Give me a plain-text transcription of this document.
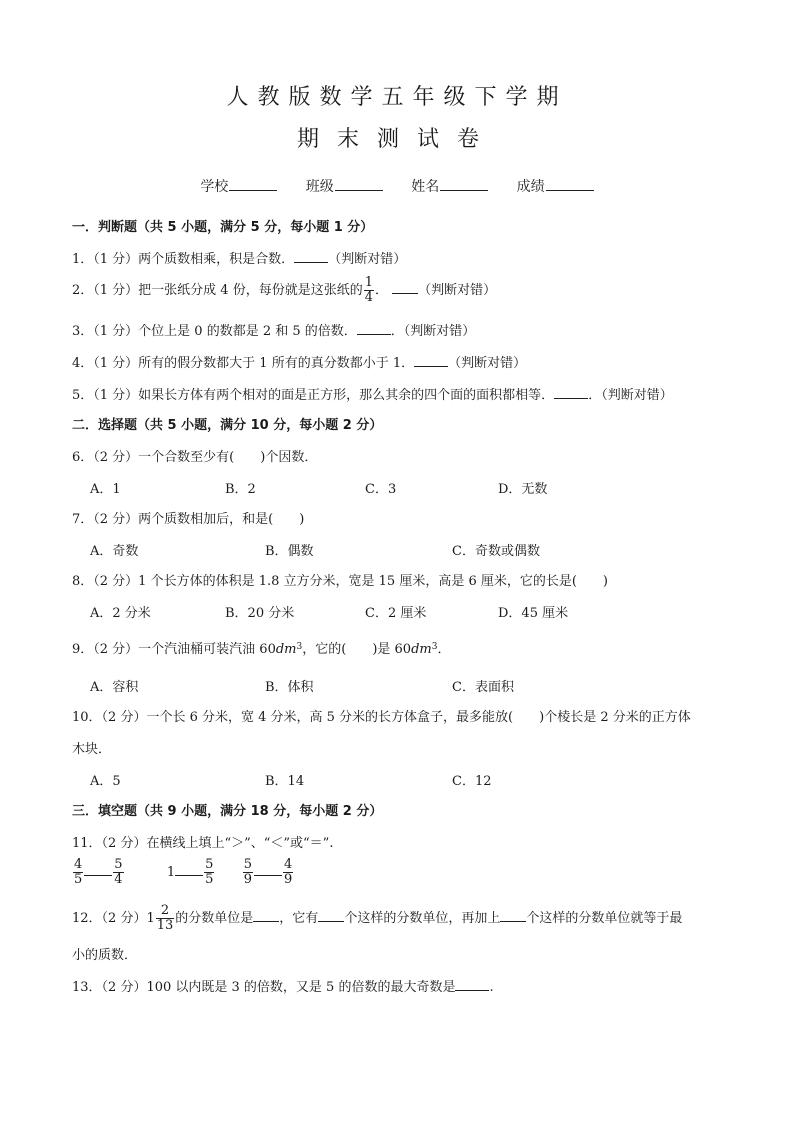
人教版数学五年级下学期
期末测试卷
学校	班级	姓名	成绩
一．判断题（共 5 小题，满分 5 分，每小题 1 分）
1．（1 分）两个质数相乘，积是合数．	（判断对错）
2．（1 分）把一张纸分成 4 份，每份就是这张纸的 $\frac{1}{4}$ ． （判断对错）
3．（1 分）个位上是 0 的数都是 2 和 5 的倍数．	．（判断对错）
4．（1 分）所有的假分数都大于 1 所有的真分数都小于 1．	（判断对错）
5．（1 分）如果长方体有两个相对的面是正方形，那么其余的四个面的面积都相等．	．（判断对错）
二．选择题（共 5 小题，满分 10 分，每小题 2 分）
6．（2 分）一个合数至少有(　　)个因数．
A．1	B．2	C．3	D．无数
7．（2 分）两个质数相加后，和是(　　)
A．奇数	B．偶数	C．奇数或偶数
8．（2 分）1 个长方体的体积是 1.8 立方分米，宽是 15 厘米，高是 6 厘米，它的长是(　　)
A．2 分米	B．20 分米	C．2 厘米	D．45 厘米
9．（2 分）一个汽油桶可装汽油 $60dm^3$，它的(　　)是 $60dm^3$．
A．容积	B．体积	C．表面积
10．（2 分）一个长 6 分米，宽 4 分米，高 5 分米的长方体盒子，最多能放(　　)个棱长是 2 分米的正方体
木块．
A．5	B．14	C．12
三．填空题（共 9 小题，满分 18 分，每小题 2 分）
11．（2 分）在横线上填上“＞”、“＜”或“＝”.
$\frac{4}{5} \frac{5}{4}$	$1 \frac{5}{5}$
$\frac{5}{9} \frac{4}{9}$
12．（2 分）$1 \frac{2}{13}$ 的分数单位是 ，它有 个这样的分数单位，再加上 个这样的分数单位就等于最
小的质数．
13．（2 分）100 以内既是 3 的倍数，又是 5 的倍数的最大奇数是	.
